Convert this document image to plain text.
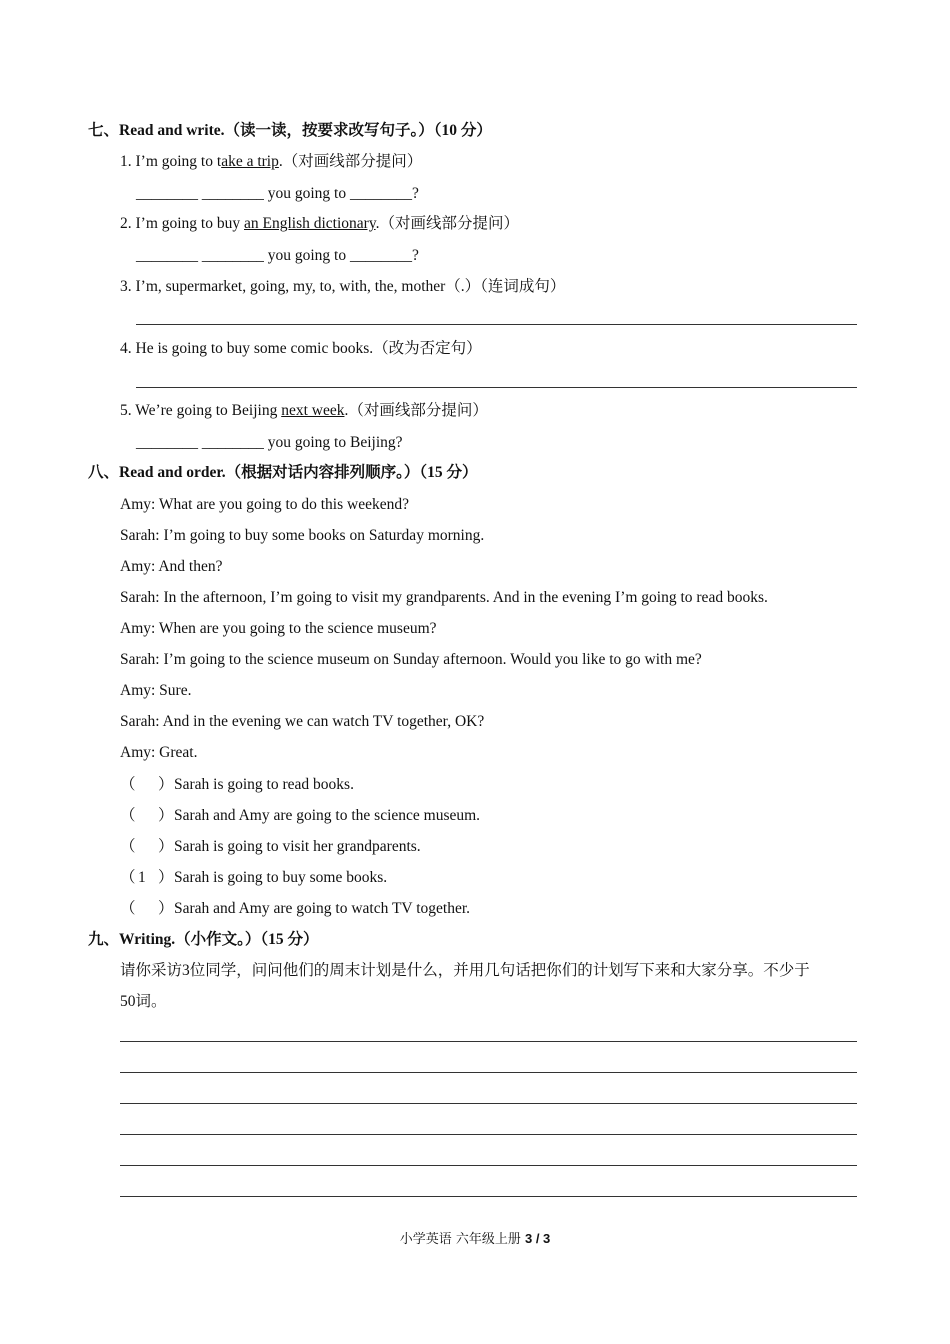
七、Read and write.（读一读，按要求改写句子。）（10 分）
1. I’m going to take a trip.（对画线部分提问）
________ ________ you going to ________?
2. I’m going to buy an English dictionary.（对画线部分提问）
________ ________ you going to ________?
3. I’m, supermarket, going, my, to, with, the, mother（.）（连词成句）
4. He is going to buy some comic books.（改为否定句）
5. We’re going to Beijing next week.（对画线部分提问）
________ ________ you going to Beijing?
八、Read and order.（根据对话内容排列顺序。）（15 分）
Amy: What are you going to do this weekend?
Sarah: I’m going to buy some books on Saturday morning.
Amy: And then?
Sarah: In the afternoon, I’m going to visit my grandparents. And in the evening I’m going to read books.
Amy: When are you going to the science museum?
Sarah: I’m going to the science museum on Sunday afternoon. Would you like to go with me?
Amy: Sure.
Sarah: And in the evening we can watch TV together, OK?
Amy: Great.
（ ） Sarah is going to read books.
（ ） Sarah and Amy are going to the science museum.
（ ） Sarah is going to visit her grandparents.
（ 1 ） Sarah is going to buy some books.
（ ） Sarah and Amy are going to watch TV together.
九、Writing.（小作文。）（15 分）
请你采访3位同学，问问他们的周末计划是什么，并用几句话把你们的计划写下来和大家分享。不少于
50词。
小学英语 六年级上册 3 / 3
